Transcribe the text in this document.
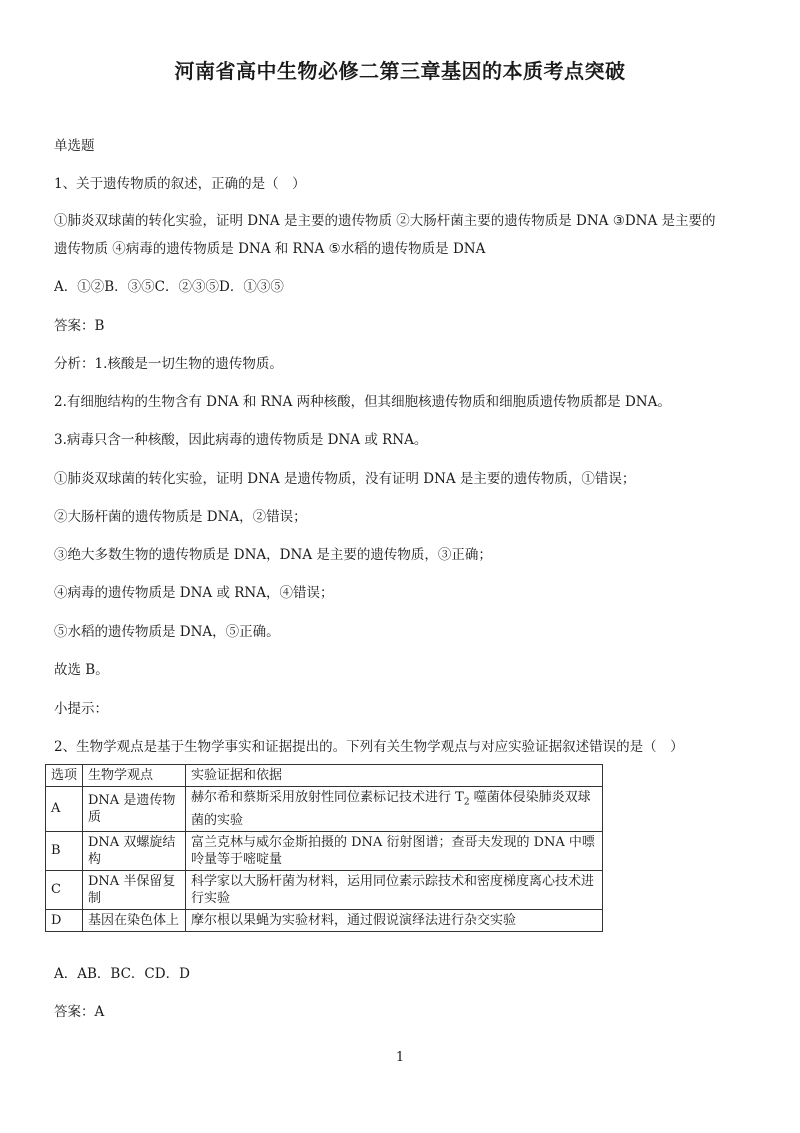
河南省高中生物必修二第三章基因的本质考点突破
单选题
1、关于遗传物质的叙述，正确的是（　）
①肺炎双球菌的转化实验，证明 DNA 是主要的遗传物质 ②大肠杆菌主要的遗传物质是 DNA ③DNA 是主要的
遗传物质 ④病毒的遗传物质是 DNA 和 RNA ⑤水稻的遗传物质是 DNA
A．①②B．③⑤C．②③⑤D．①③⑤
答案：B
分析：1.核酸是一切生物的遗传物质。
2.有细胞结构的生物含有 DNA 和 RNA 两种核酸，但其细胞核遗传物质和细胞质遗传物质都是 DNA。
3.病毒只含一种核酸，因此病毒的遗传物质是 DNA 或 RNA。
①肺炎双球菌的转化实验，证明 DNA 是遗传物质，没有证明 DNA 是主要的遗传物质，①错误；
②大肠杆菌的遗传物质是 DNA，②错误；
③绝大多数生物的遗传物质是 DNA，DNA 是主要的遗传物质，③正确；
④病毒的遗传物质是 DNA 或 RNA，④错误；
⑤水稻的遗传物质是 DNA，⑤正确。
故选 B。
小提示：
2、生物学观点是基于生物学事实和证据提出的。下列有关生物学观点与对应实验证据叙述错误的是（　）
选项	生物学观点	实验证据和依据
A	DNA 是遗传物质	赫尔希和蔡斯采用放射性同位素标记技术进行 $T_2$ 噬菌体侵染肺炎双球菌的实验
B	DNA 双螺旋结构	富兰克林与威尔金斯拍摄的 DNA 衍射图谱；查哥夫发现的 DNA 中嘌呤量等于嘧啶量
C	DNA 半保留复制	科学家以大肠杆菌为材料，运用同位素示踪技术和密度梯度离心技术进行实验
D	基因在染色体上	摩尔根以果蝇为实验材料，通过假说演绎法进行杂交实验
A．AB．BC．CD．D
答案：A
1
